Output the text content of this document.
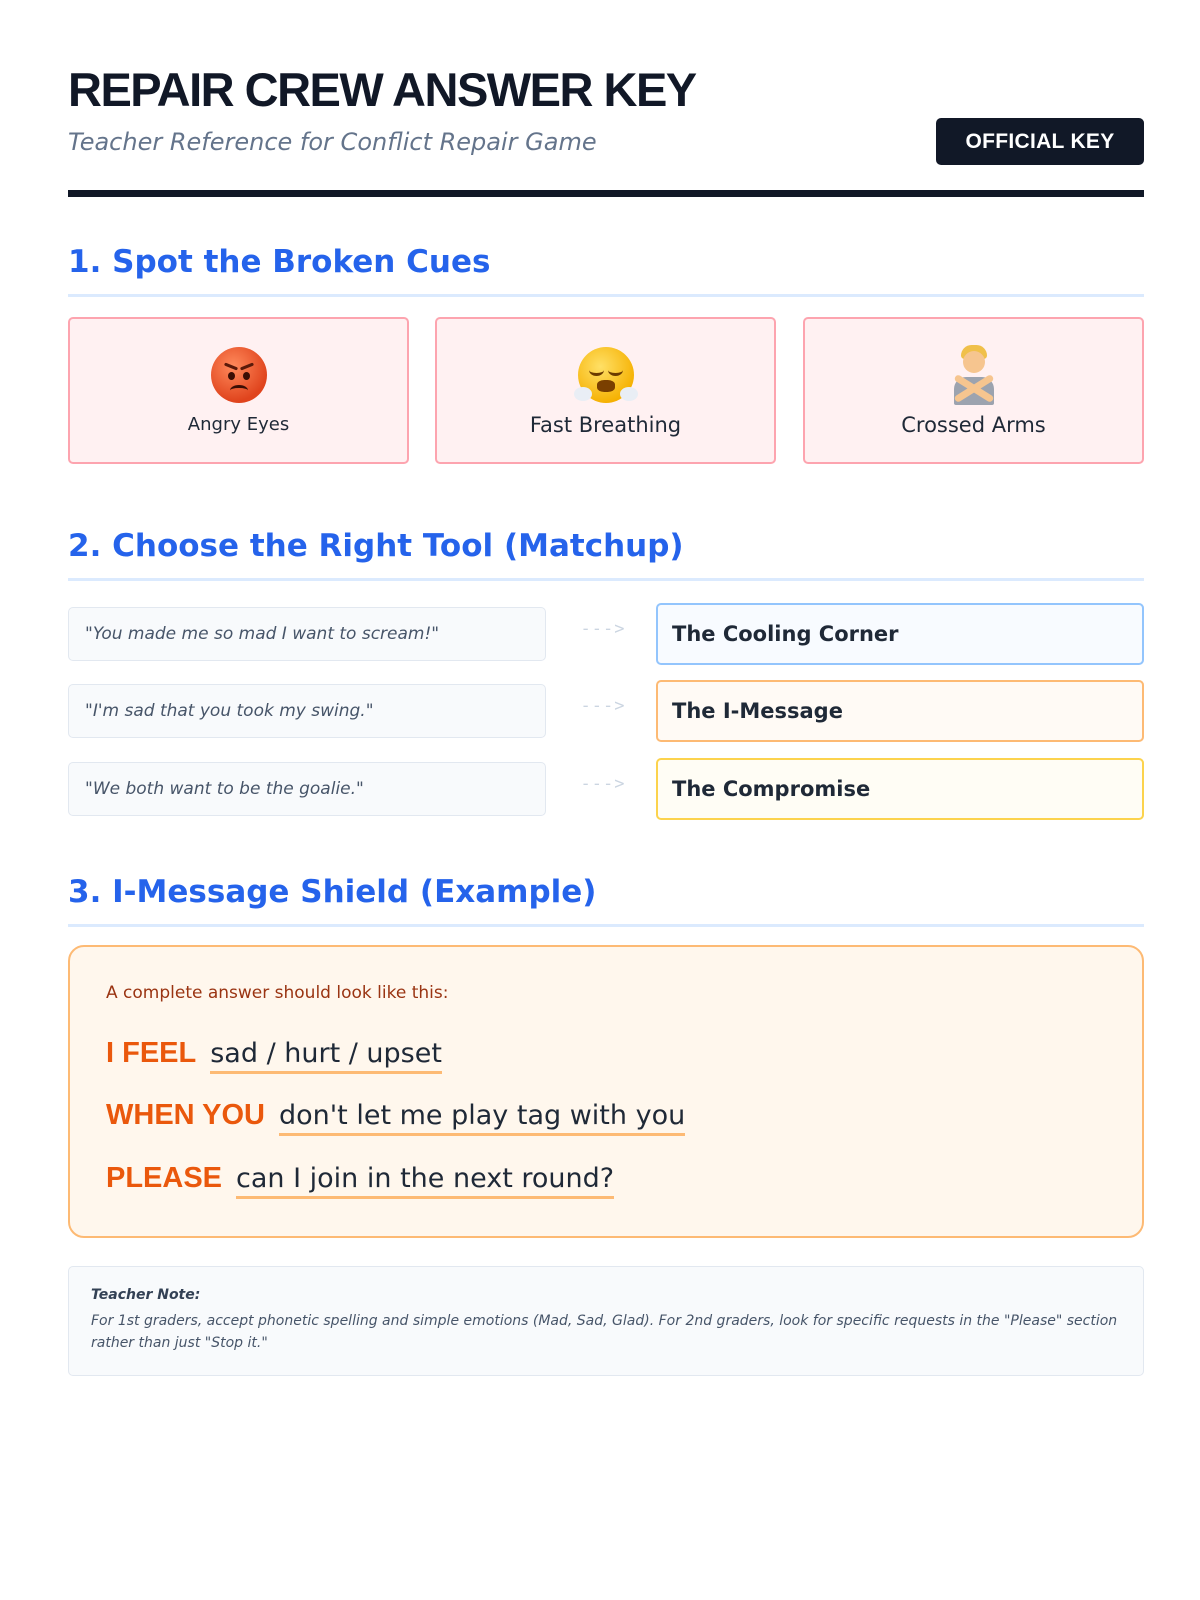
REPAIR CREW ANSWER KEY
Teacher Reference for Conflict Repair Game	OFFICIAL KEY
1. Spot the Broken Cues
Angry Eyes	Fast Breathing	Crossed Arms
2. Choose the Right Tool (Matchup)
"You made me so mad I want to scream!"	--->	The Cooling Corner
"I'm sad that you took my swing."	--->	The I-Message
"We both want to be the goalie."	--->	The Compromise
3. I-Message Shield (Example)
A complete answer should look like this:
I FEEL sad / hurt / upset
WHEN YOU don't let me play tag with you
PLEASE can I join in the next round?
Teacher Note:
For 1st graders, accept phonetic spelling and simple emotions (Mad, Sad, Glad). For 2nd graders, look for specific requests in the "Please" section rather than just "Stop it."
